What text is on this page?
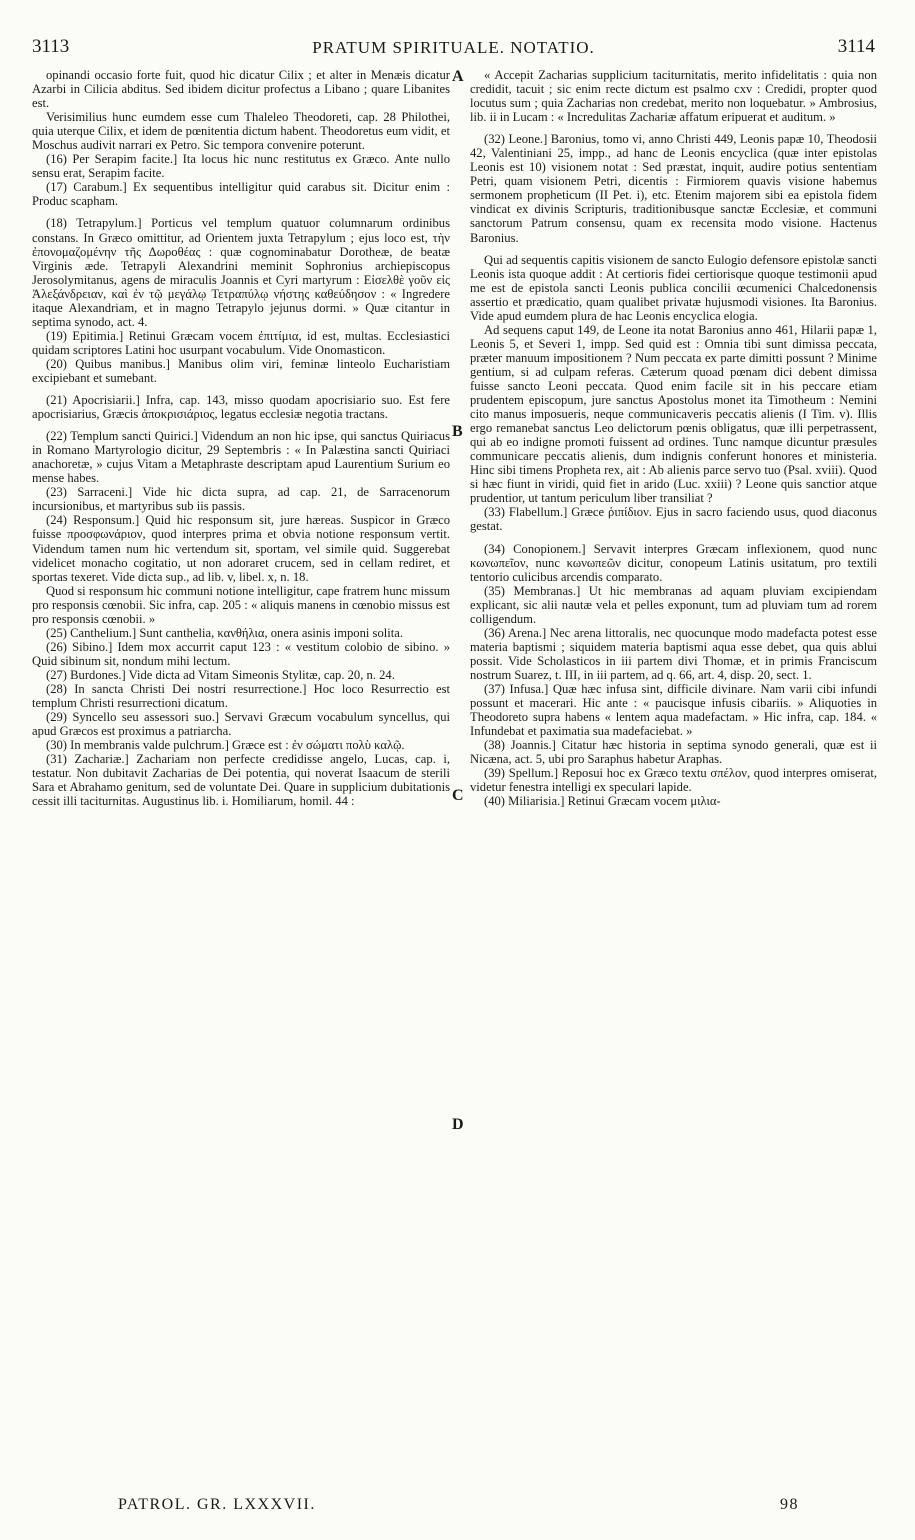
3113	PRATUM SPIRITUALE. NOTATIO.	3114

opinandi occasio forte fuit, quod hic dicatur Cilix ; et alter in Menæis dicatur Azarbi in Cilicia abditus. Sed ibidem dicitur profectus a Libano ; quare Libanites est.

Verisimilius hunc eumdem esse cum Thaleleo Theodoreti, cap. 28 Philothei, quia uterque Cilix, et idem de pœnitentia dictum habent. Theodoretus eum vidit, et Moschus audivit narrari ex Petro. Sic tempora convenire poterunt.

(16) Per Serapim facite.] Ita locus hic nunc restitutus ex Græco. Ante nullo sensu erat, Serapim facite.

(17) Carabum.] Ex sequentibus intelligitur quid carabus sit. Dicitur enim : Produc scapham.

(18) Tetrapylum.] Porticus vel templum quatuor columnarum ordinibus constans. In Græco omittitur, ad Orientem juxta Tetrapylum ; ejus loco est, τὴν ἐπονομαζομένην τῆς Δωροθέας : quæ cognominabatur Dorotheæ, de beatæ Virginis æde. Tetrapyli Alexandrini meminit Sophronius archiepiscopus Jerosolymitanus, agens de miraculis Joannis et Cyri martyrum : Εἰσελθὲ γοῦν εἰς Ἀλεξάνδρειαν, καὶ ἐν τῷ μεγάλῳ Τετραπύλῳ νήστης καθεύδησον : « Ingredere itaque Alexandriam, et in magno Tetrapylo jejunus dormi. » Quæ citantur in septima synodo, act. 4.

(19) Epitimia.] Retinui Græcam vocem ἐπιτίμια, id est, multas. Ecclesiastici quidam scriptores Latini hoc usurpant vocabulum. Vide Onomasticon.

(20) Quibus manibus.] Manibus olim viri, feminæ linteolo Eucharistiam excipiebant et sumebant.

(21) Apocrisiarii.] Infra, cap. 143, misso quodam apocrisiario suo. Est fere apocrisiarius, Græcis ἀποκρισιάριος, legatus ecclesiæ negotia tractans.

(22) Templum sancti Quirici.] Videndum an non hic ipse, qui sanctus Quiriacus in Romano Martyrologio dicitur, 29 Septembris : « In Palæstina sancti Quiriaci anachoretæ, » cujus Vitam a Metaphraste descriptam apud Laurentium Surium eo mense habes.

(23) Sarraceni.] Vide hic dicta supra, ad cap. 21, de Sarracenorum incursionibus, et martyribus sub iis passis.

(24) Responsum.] Quid hic responsum sit, jure hæreas. Suspicor in Græco fuisse πρoσφωνάριον, quod interpres prima et obvia notione responsum vertit. Videndum tamen num hic vertendum sit, sportam, vel simile quid. Suggerebat videlicet monacho cogitatio, ut non adoraret crucem, sed in cellam rediret, et sportas texeret. Vide dicta sup., ad lib. v, libel. x, n. 18.

Quod si responsum hic communi notione intelligitur, cape fratrem hunc missum pro responsis cœnobii. Sic infra, cap. 205 : « aliquis manens in cœnobio missus est pro responsis cœnobii. »

(25) Canthelium.] Sunt canthelia, κανθήλια, onera asinis imponi solita.

(26) Sibino.] Idem mox accurrit caput 123 : « vestitum colobio de sibino. » Quid sibinum sit, nondum mihi lectum.

(27) Burdones.] Vide dicta ad Vitam Simeonis Stylitæ, cap. 20, n. 24.

(28) In sancta Christi Dei nostri resurrectione.] Hoc loco Resurrectio est templum Christi resurrectioni dicatum.

(29) Syncello seu assessori suo.] Servavi Græcum vocabulum syncellus, qui apud Græcos est proximus a patriarcha.

(30) In membranis valde pulchrum.] Græce est : ἐν σώματι πολὺ καλῷ.

(31) Zachariæ.] Zachariam non perfecte credidisse angelo, Lucas, cap. i, testatur. Non dubitavit Zacharias de Dei potentia, qui noverat Isaacum de sterili Sara et Abrahamo genitum, sed de voluntate Dei. Quare in supplicium dubitationis cessit illi taciturnitas. Augustinus lib. i. Homiliarum, homil. 44 :

« Accepit Zacharias supplicium taciturnitatis, merito infidelitatis : quia non credidit, tacuit ; sic enim recte dictum est psalmo cxv : Credidi, propter quod locutus sum ; quia Zacharias non credebat, merito non loquebatur. » Ambrosius, lib. ii in Lucam : « Incredulitas Zachariæ affatum eripuerat et auditum. »

(32) Leone.] Baronius, tomo vi, anno Christi 449, Leonis papæ 10, Theodosii 42, Valentiniani 25, impp., ad hanc de Leonis encyclica (quæ inter epistolas Leonis est 10) visionem notat : Sed præstat, inquit, audire potius sententiam Petri, quam visionem Petri, dicentis : Firmiorem quavis visione habemus sermonem propheticum (II Pet. i), etc. Etenim majorem sibi ea epistola fidem vindicat ex divinis Scripturis, traditionibusque sanctæ Ecclesiæ, et communi sanctorum Patrum consensu, quam ex recensita modo visione. Hactenus Baronius.

Qui ad sequentis capitis visionem de sancto Eulogio defensore epistolæ sancti Leonis ista quoque addit : At certioris fidei certiorisque quoque testimonii apud me est de epistola sancti Leonis publica concilii œcumenici Chalcedonensis assertio et prædicatio, quam qualibet privatæ hujusmodi visiones. Ita Baronius. Vide apud eumdem plura de hac Leonis encyclica elogia.

Ad sequens caput 149, de Leone ita notat Baronius anno 461, Hilarii papæ 1, Leonis 5, et Severi 1, impp. Sed quid est : Omnia tibi sunt dimissa peccata, præter manuum impositionem ? Num peccata ex parte dimitti possunt ? Minime gentium, si ad culpam referas. Cæterum quoad pœnam dici debent dimissa fuisse sancto Leoni peccata. Quod enim facile sit in his peccare etiam prudentem episcopum, jure sanctus Apostolus monet ita Timotheum : Nemini cito manus imposueris, neque communicaveris peccatis alienis (I Tim. v). Illis ergo remanebat sanctus Leo delictorum pœnis obligatus, quæ illi perpetrassent, qui ab eo indigne promoti fuissent ad ordines. Tunc namque dicuntur præsules communicare peccatis alienis, dum indignis conferunt honores et ministeria. Hinc sibi timens Propheta rex, ait : Ab alienis parce servo tuo (Psal. xviii). Quod si hæc fiunt in viridi, quid fiet in arido (Luc. xxiii) ? Leone quis sanctior atque prudentior, ut tantum periculum liber transiliat ?

(33) Flabellum.] Græce ῥιπίδιον. Ejus in sacro faciendo usus, quod diaconus gestat.

(34) Conopionem.] Servavit interpres Græcam inflexionem, quod nunc κωνωπεῖον, nunc κωνωπεῶν dicitur, conopeum Latinis usitatum, pro textili tentorio culicibus arcendis comparato.

(35) Membranas.] Ut hic membranas ad aquam pluviam excipiendam explicant, sic alii nautæ vela et pelles exponunt, tum ad pluviam tum ad rorem colligendum.

(36) Arena.] Nec arena littoralis, nec quocunque modo madefacta potest esse materia baptismi ; siquidem materia baptismi aqua esse debet, qua quis ablui possit. Vide Scholasticos in iii partem divi Thomæ, et in primis Franciscum nostrum Suarez, t. III, in iii partem, ad q. 66, art. 4, disp. 20, sect. 1.

(37) Infusa.] Quæ hæc infusa sint, difficile divinare. Nam varii cibi infundi possunt et macerari. Hic ante : « paucisque infusis cibariis. » Aliquoties in Theodoreto supra habens « lentem aqua madefactam. » Hic infra, cap. 184. « Infundebat et paximatia sua madefaciebat. »

(38) Joannis.] Citatur hæc historia in septima synodo generali, quæ est ii Nicæna, act. 5, ubi pro Saraphus habetur Araphas.

(39) Spellum.] Reposui hoc ex Græco textu σπέλον, quod interpres omiserat, videtur fenestra intelligi ex speculari lapide.

(40) Miliarisia.] Retinui Græcam vocem μιλια-

A
B
C
D
PATROL. GR. LXXXVII.	98
